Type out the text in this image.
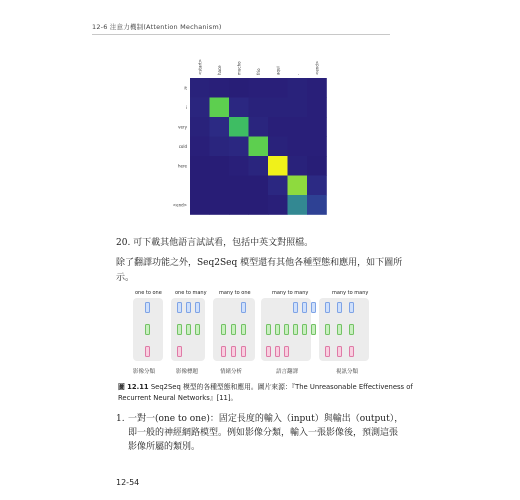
12-6 注意力機制(Attention Mechanism)
<start>	hace	mucho	frio	aqui	.	<end>
it
i
very
cold
here
<end>
20. 可下載其他語言試試看，包括中英文對照檔。
除了翻譯功能之外，Seq2Seq 模型還有其他各種型態和應用，如下圖所示。
one to one	one to many many to one	many to many	many to many
影像分類	影像標題	情緒分析	語言翻譯	視訊分類
圖 12.11 Seq2Seq 模型的各種型態和應用。圖片來源：『The Unreasonable Effectiveness of Recurrent Neural Networks』[11]。
1. 一對一(one to one)：固定長度的輸入（input）與輸出（output），即一般的神經網路模型。例如影像分類，輸入一張影像後，預測這張影像所屬的類別。
12-54
